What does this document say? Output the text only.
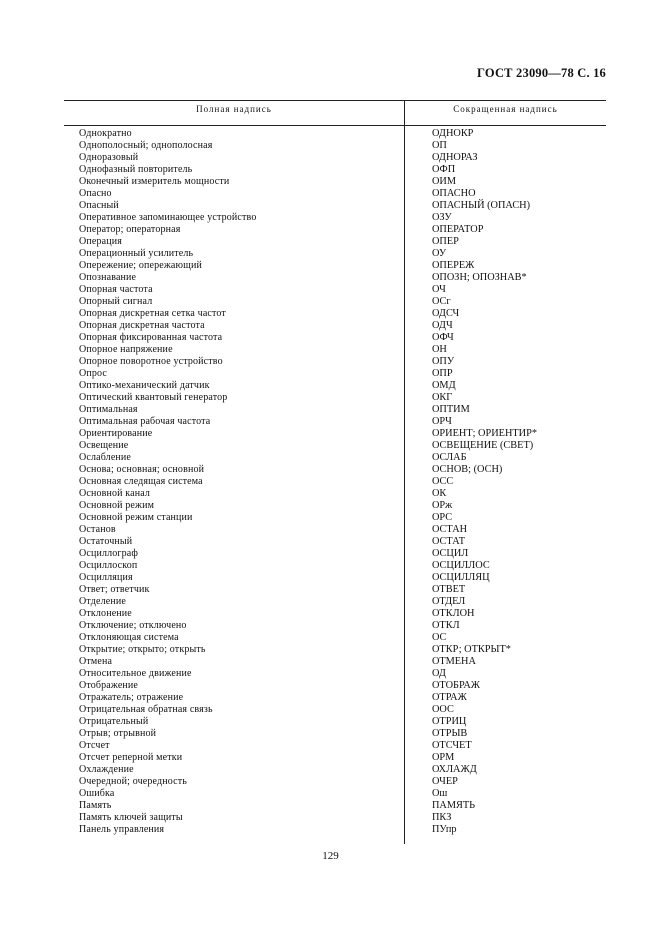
ГОСТ 23090—78 С. 16
Полная надпись	Сокращенная надпись
Однократно	ОДНОКР
Однополосный; однополосная	ОП
Одноразовый	ОДНОРАЗ
Однофазный повторитель	ОФП
Оконечный измеритель мощности	ОИМ
Опасно	ОПАСНО
Опасный	ОПАСНЫЙ (ОПАСН)
Оперативное запоминающее устройство	ОЗУ
Оператор; операторная	ОПЕРАТОР
Операция	ОПЕР
Операционный усилитель	ОУ
Опережение; опережающий	ОПЕРЕЖ
Опознавание	ОПОЗН; ОПОЗНАВ*
Опорная частота	ОЧ
Опорный сигнал	ОСг
Опорная дискретная сетка частот	ОДСЧ
Опорная дискретная частота	ОДЧ
Опорная фиксированная частота	ОФЧ
Опорное напряжение	ОН
Опорное поворотное устройство	ОПУ
Опрос	ОПР
Оптико-механический датчик	ОМД
Оптический квантовый генератор	ОКГ
Оптимальная	ОПТИМ
Оптимальная рабочая частота	ОРЧ
Ориентирование	ОРИЕНТ; ОРИЕНТИР*
Освещение	ОСВЕЩЕНИЕ (СВЕТ)
Ослабление	ОСЛАБ
Основа; основная; основной	ОСНОВ; (ОСН)
Основная следящая система	ОСС
Основной канал	ОК
Основной режим	ОРж
Основной режим станции	ОРС
Останов	ОСТАН
Остаточный	ОСТАТ
Осциллограф	ОСЦИЛ
Осциллоскоп	ОСЦИЛЛОС
Осцилляция	ОСЦИЛЛЯЦ
Ответ; ответчик	ОТВЕТ
Отделение	ОТДЕЛ
Отклонение	ОТКЛОН
Отключение; отключено	ОТКЛ
Отклоняющая система	ОС
Открытие; открыто; открыть	ОТКР; ОТКРЫТ*
Отмена	ОТМЕНА
Относительное движение	ОД
Отображение	ОТОБРАЖ
Отражатель; отражение	ОТРАЖ
Отрицательная обратная связь	ООС
Отрицательный	ОТРИЦ
Отрыв; отрывной	ОТРЫВ
Отсчет	ОТСЧЕТ
Отсчет реперной метки	ОРМ
Охлаждение	ОХЛАЖД
Очередной; очередность	ОЧЕР
Ошибка	Ош
Память	ПАМЯТЬ
Память ключей защиты	ПКЗ
Панель управления	ПУпр
129
